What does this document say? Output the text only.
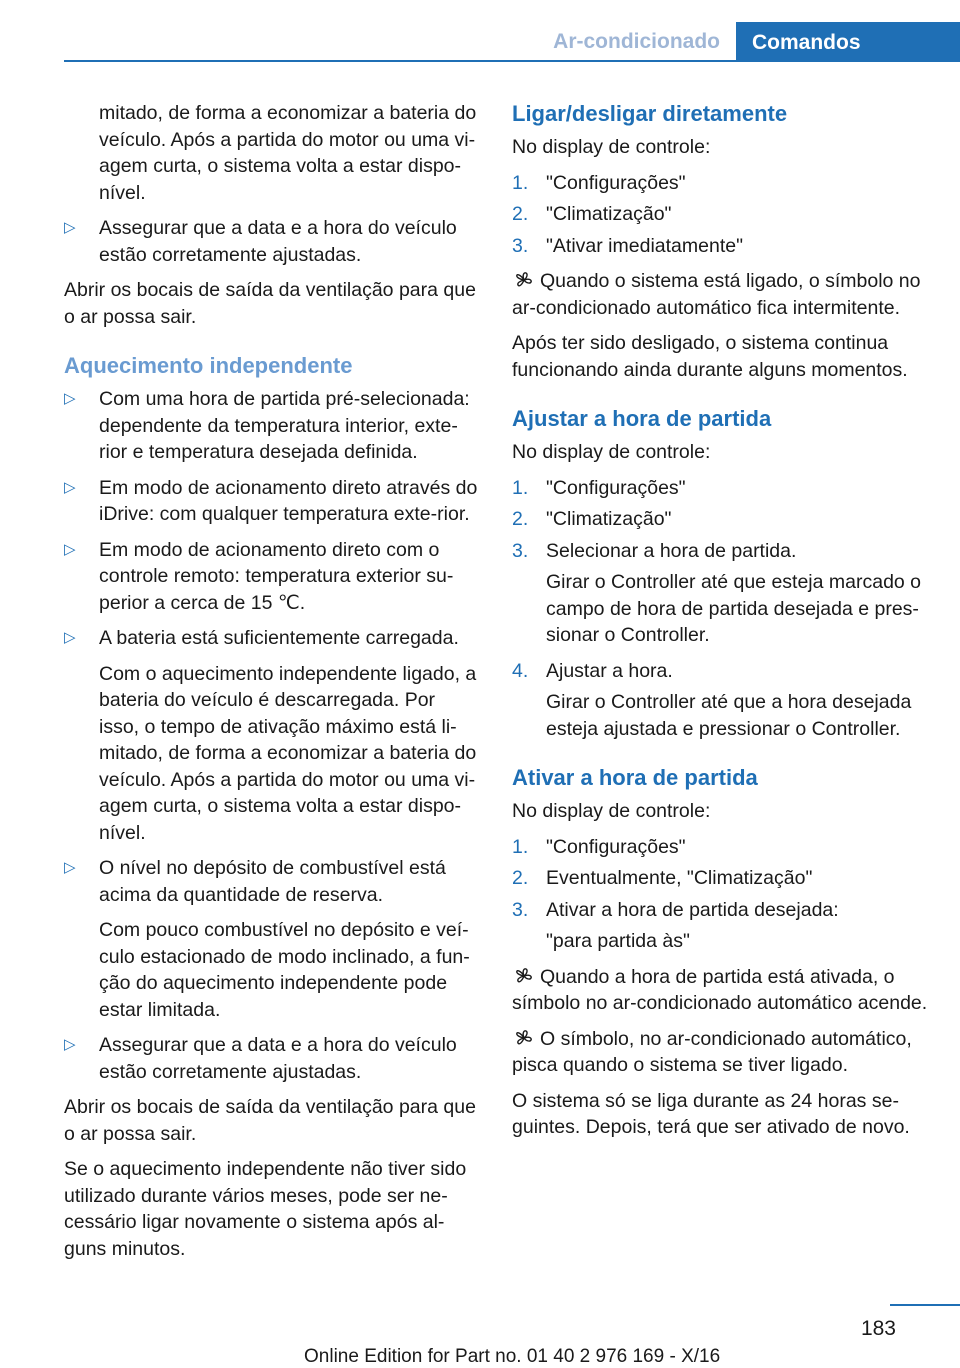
Ar-condicionado	Comandos

mitado, de forma a economizar a bateria do veículo. Após a partida do motor ou uma vi-agem curta, o sistema volta a estar dispo-nível.

▷ Assegurar que a data e a hora do veículo estão corretamente ajustadas.

Abrir os bocais de saída da ventilação para que o ar possa sair.

Aquecimento independente
▷ Com uma hora de partida pré-selecionada: dependente da temperatura interior, exte-rior e temperatura desejada definida.
▷ Em modo de acionamento direto através do iDrive: com qualquer temperatura exte-rior.
▷ Em modo de acionamento direto com o controle remoto: temperatura exterior su-perior a cerca de 15 ℃.
▷ A bateria está suficientemente carregada.

Com o aquecimento independente ligado, a bateria do veículo é descarregada. Por isso, o tempo de ativação máximo está li-mitado, de forma a economizar a bateria do veículo. Após a partida do motor ou uma vi-agem curta, o sistema volta a estar dispo-nível.

▷ O nível no depósito de combustível está acima da quantidade de reserva.

Com pouco combustível no depósito e veí-culo estacionado de modo inclinado, a fun-ção do aquecimento independente pode estar limitada.

▷ Assegurar que a data e a hora do veículo estão corretamente ajustadas.

Abrir os bocais de saída da ventilação para que o ar possa sair.

Se o aquecimento independente não tiver sido utilizado durante vários meses, pode ser ne-cessário ligar novamente o sistema após al-guns minutos.

Ligar/desligar diretamente

No display de controle:

1. "Configurações"
2. "Climatização"
3. "Ativar imediatamente"

Quando o sistema está ligado, o símbolo no ar-condicionado automático fica intermitente.

Após ter sido desligado, o sistema continua funcionando ainda durante alguns momentos.

Ajustar a hora de partida

No display de controle:

1. "Configurações"
2. "Climatização"
3. Selecionar a hora de partida.

Girar o Controller até que esteja marcado o campo de hora de partida desejada e pres-sionar o Controller.

4. Ajustar a hora.

Girar o Controller até que a hora desejada esteja ajustada e pressionar o Controller.

Ativar a hora de partida

No display de controle:

1. "Configurações"
2. Eventualmente, "Climatização"
3. Ativar a hora de partida desejada:

"para partida às"

Quando a hora de partida está ativada, o símbolo no ar-condicionado automático acende.

O símbolo, no ar-condicionado automático, pisca quando o sistema se tiver ligado.

O sistema só se liga durante as 24 horas se-guintes. Depois, terá que ser ativado de novo.

183
Online Edition for Part no. 01 40 2 976 169 - X/16
